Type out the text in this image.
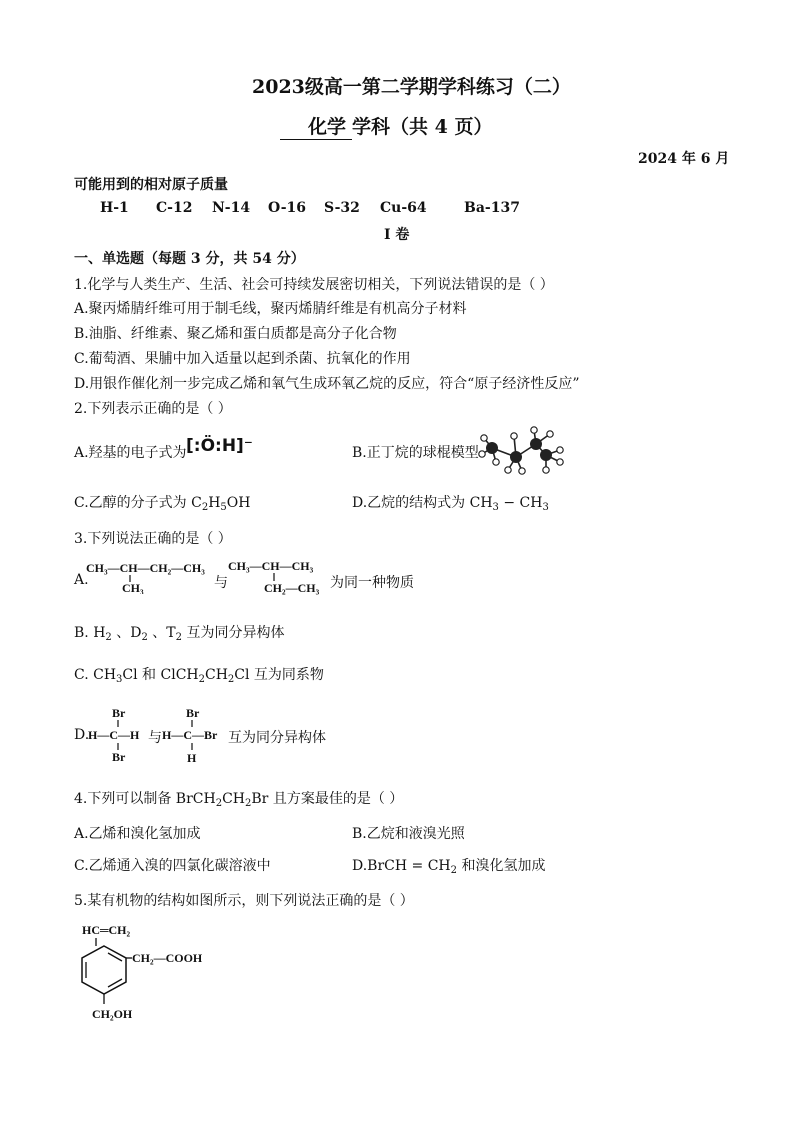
2023级高一第二学期学科练习（二）
化学 学科（共 4 页）
2024 年 6 月
可能用到的相对原子质量
H-1 C-12 N-14 O-16 S-32 Cu-64	Ba-137
I 卷
一、单选题（每题 3 分，共 54 分）
1.化学与人类生产、生活、社会可持续发展密切相关，下列说法错误的是（ ）
A.聚丙烯腈纤维可用于制毛线，聚丙烯腈纤维是有机高分子材料
B.油脂、纤维素、聚乙烯和蛋白质都是高分子化合物
C.葡萄酒、果脯中加入适量以起到杀菌、抗氧化的作用
D.用银作催化剂一步完成乙烯和氧气生成环氧乙烷的反应，符合“原子经济性反应”
2.下列表示正确的是（ ）
A.羟基的电子式为 [:Ö:H]⁻	B.正丁烷的球棍模型
C.乙醇的分子式为 $C_2H_5OH$	D.乙烷的结构式为 $CH_3 - CH_3$
3.下列说法正确的是（ ）
A.
CH₃—CH—CH₂—CH₃
CH₃	与
CH₃—CH—CH₃
CH₂—CH₃ 为同一种物质
B. $H_2$ 、$D_2$ 、$T_2$ 互为同分异构体
C. $CH_3Cl$ 和 $ClCH_2CH_2Cl$ 互为同系物
D.
Br
H—C—H
Br
与
Br
H—C—Br
H
互为同分异构体
4.下列可以制备 $BrCH_2CH_2Br$ 且方案最佳的是（ ）
A.乙烯和溴化氢加成	B.乙烷和液溴光照
C.乙烯通入溴的四氯化碳溶液中	D.BrCH = $CH_2$ 和溴化氢加成
5.某有机物的结构如图所示，则下列说法正确的是（ ）
HC═CH₂
CH₂—COOH
CH₂OH
